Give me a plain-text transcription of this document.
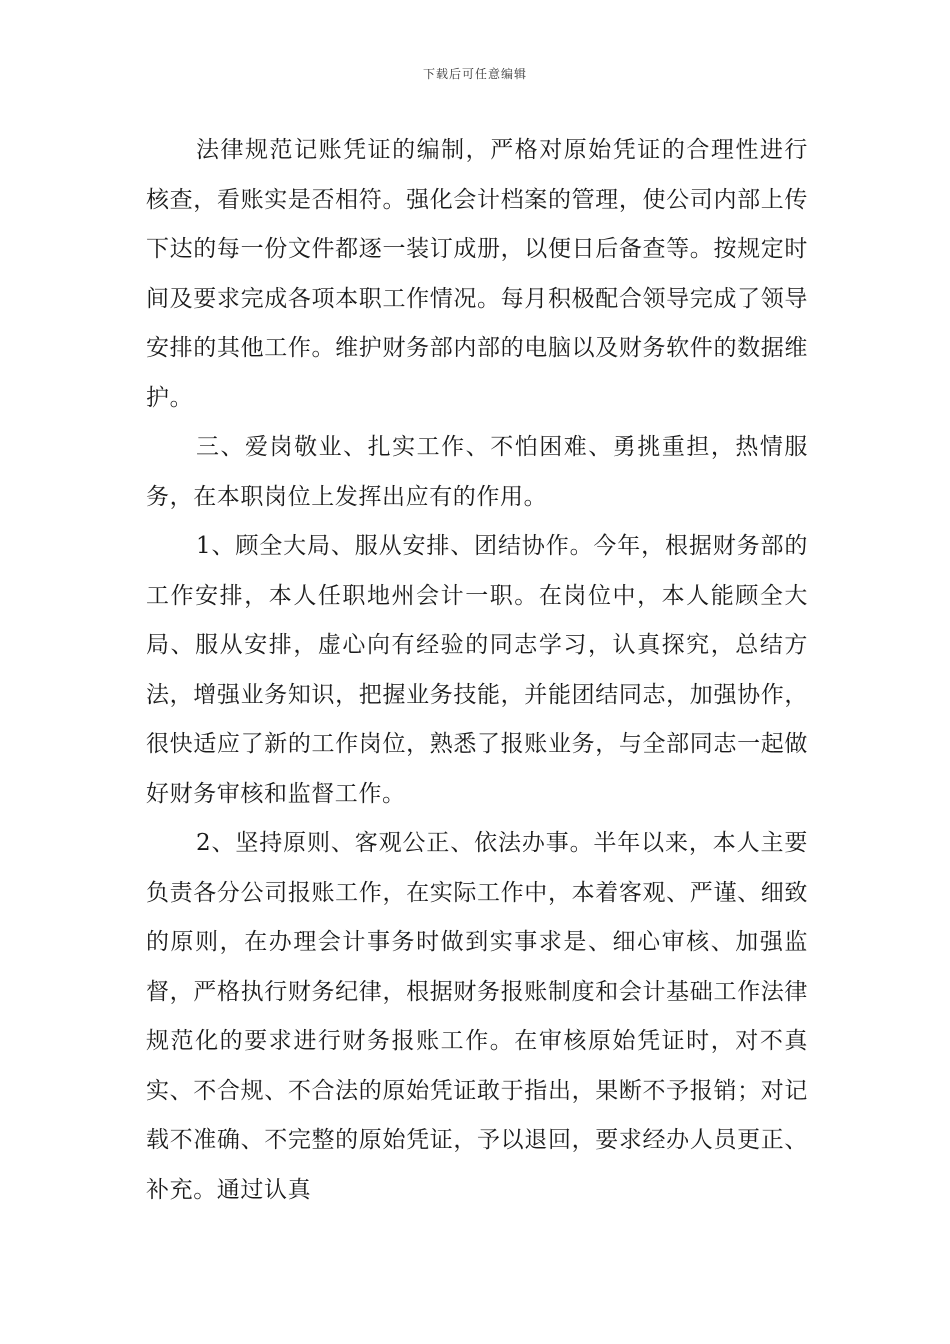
下载后可任意编辑

法律规范记账凭证的编制，严格对原始凭证的合理性进行核查，看账实是否相符。强化会计档案的管理，使公司内部上传下达的每一份文件都逐一装订成册，以便日后备查等。按规定时间及要求完成各项本职工作情况。每月积极配合领导完成了领导安排的其他工作。维护财务部内部的电脑以及财务软件的数据维护。

三、爱岗敬业、扎实工作、不怕困难、勇挑重担，热情服务，在本职岗位上发挥出应有的作用。

1、顾全大局、服从安排、团结协作。今年，根据财务部的工作安排，本人任职地州会计一职。在岗位中，本人能顾全大局、服从安排，虚心向有经验的同志学习，认真探究，总结方法，增强业务知识，把握业务技能，并能团结同志，加强协作，很快适应了新的工作岗位，熟悉了报账业务，与全部同志一起做好财务审核和监督工作。

2、坚持原则、客观公正、依法办事。半年以来，本人主要负责各分公司报账工作，在实际工作中，本着客观、严谨、细致的原则，在办理会计事务时做到实事求是、细心审核、加强监督，严格执行财务纪律，根据财务报账制度和会计基础工作法律规范化的要求进行财务报账工作。在审核原始凭证时，对不真实、不合规、不合法的原始凭证敢于指出，果断不予报销；对记载不准确、不完整的原始凭证，予以退回，要求经办人员更正、补充。通过认真
